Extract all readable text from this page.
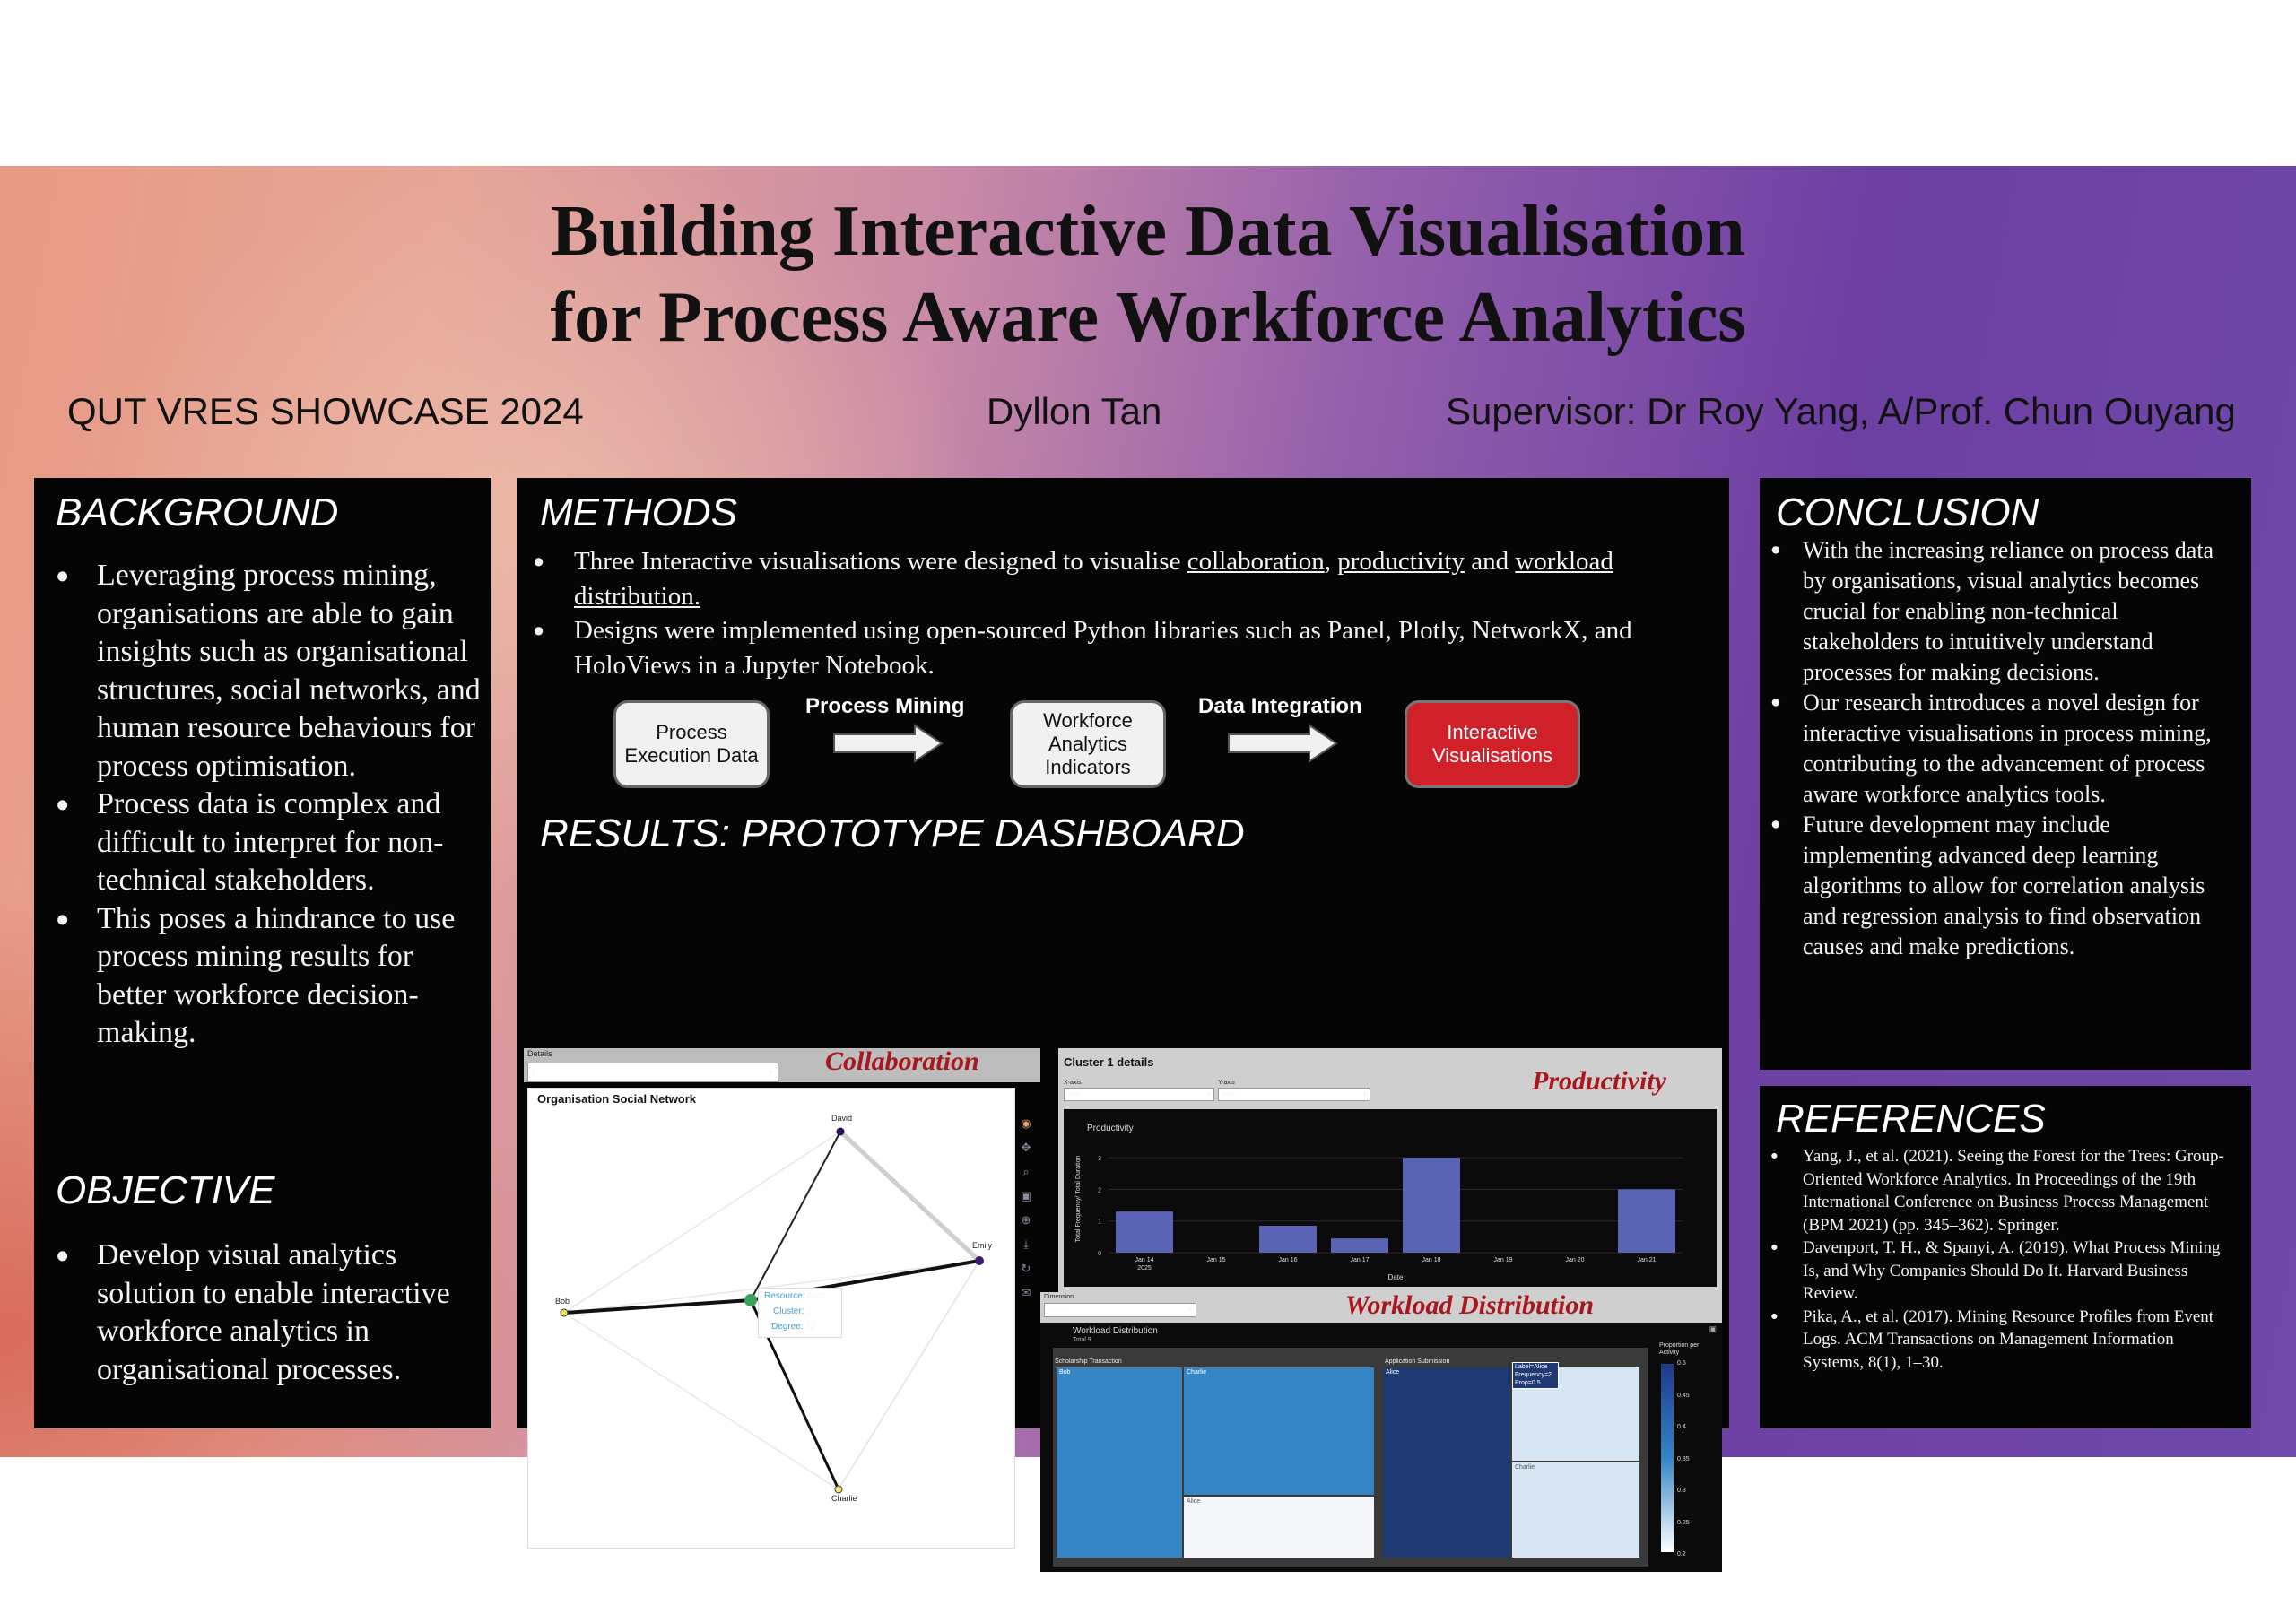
Building Interactive Data Visualisation
for Process Aware Workforce Analytics
QUT VRES SHOWCASE 2024	Dyllon Tan	Supervisor: Dr Roy Yang, A/Prof. Chun Ouyang
BACKGROUND
● Leveraging process mining, organisations are able to gain insights such as organisational structures, social networks, and human resource behaviours for process optimisation.
● Process data is complex and difficult to interpret for non-technical stakeholders.
● This poses a hindrance to use process mining results for better workforce decision-making.
OBJECTIVE
● Develop visual analytics solution to enable interactive workforce analytics in organisational processes.
METHODS
● Three Interactive visualisations were designed to visualise collaboration, productivity and workload distribution.
● Designs were implemented using open-sourced Python libraries such as Panel, Plotly, NetworkX, and HoloViews in a Jupyter Notebook.
Process Execution Data
Process Mining
Workforce Analytics Indicators
Data Integration
Interactive Visualisations
RESULTS: PROTOTYPE DASHBOARD
Details
1	▾ Collaboration
Organisation Social Network
David
Emily
Bob
Charlie
Resource: Alice
Cluster: 1
Degree: 12
◉
✥
⌕
▣
⊕
⤓
↻
✉
Cluster 1 details
X-axis
Date	▾
Y-axis
Rate	▾	Productivity
Productivity
0
1
2
3
Jan 14	Jan 15	Jan 16	Jan 17	Jan 18	Jan 19	Jan 20	Jan 21
2025
Date
Total Frequency/ Total Duration
Dimension
Activity	▾	Workload Distribution
Workload Distribution
Total 9
▣
Scholarship Transaction	Application Submission
Bob	Charlie
Alice
Alice
Charlie
Label=Alice
Frequency=2
Prop=0.5
Proportion per Activity
0.5
0.45
0.4
0.35
0.3
0.25
0.2
CONCLUSION
● With the increasing reliance on process data by organisations, visual analytics becomes crucial for enabling non-technical stakeholders to intuitively understand processes for making decisions.
● Our research introduces a novel design for interactive visualisations in process mining, contributing to the advancement of process aware workforce analytics tools.
● Future development may include implementing advanced deep learning algorithms to allow for correlation analysis and regression analysis to find observation causes and make predictions.
REFERENCES
● Yang, J., et al. (2021). Seeing the Forest for the Trees: Group-Oriented Workforce Analytics. In Proceedings of the 19th International Conference on Business Process Management (BPM 2021) (pp. 345–362). Springer.
● Davenport, T. H., & Spanyi, A. (2019). What Process Mining Is, and Why Companies Should Do It. Harvard Business Review.
● Pika, A., et al. (2017). Mining Resource Profiles from Event Logs. ACM Transactions on Management Information Systems, 8(1), 1–30.
